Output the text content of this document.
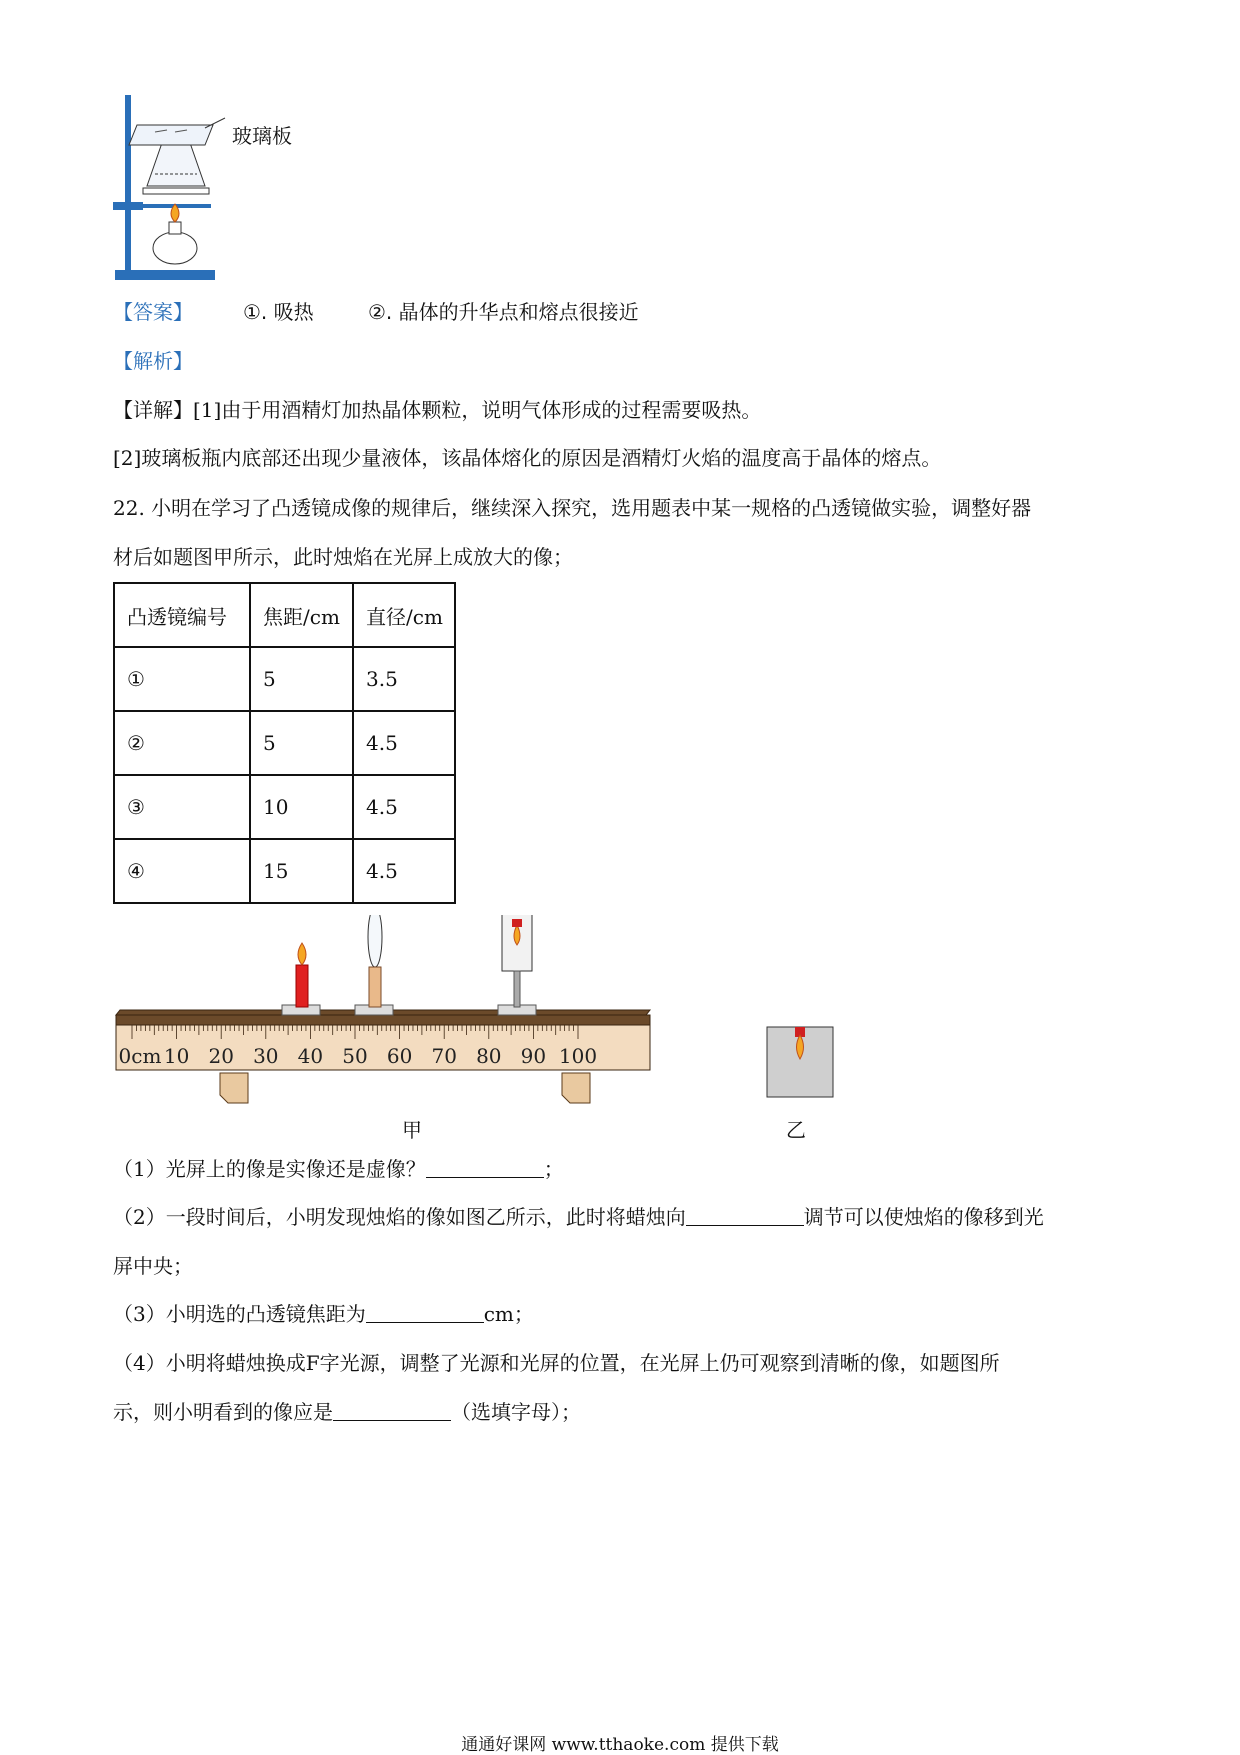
玻璃板
【答案】	①. 吸热	②. 晶体的升华点和熔点很接近
【解析】
【详解】[1]由于用酒精灯加热晶体颗粒，说明气体形成的过程需要吸热。
[2]玻璃板瓶内底部还出现少量液体，该晶体熔化的原因是酒精灯火焰的温度高于晶体的熔点。
22. 小明在学习了凸透镜成像的规律后，继续深入探究，选用题表中某一规格的凸透镜做实验，调整好器
材后如题图甲所示，此时烛焰在光屏上成放大的像；
凸透镜编号	焦距/cm	直径/cm
①	5	3.5
②	5	4.5
③	10	4.5
④	15	4.5
0cm 10 20 30 40 50 60 70 80 90 100
甲	乙
（1）光屏上的像是实像还是虚像？	；
（2）一段时间后，小明发现烛焰的像如图乙所示，此时将蜡烛向	调节可以使烛焰的像移到光
屏中央；
（3）小明选的凸透镜焦距为	cm；
（4）小明将蜡烛换成F字光源，调整了光源和光屏的位置，在光屏上仍可观察到清晰的像，如题图所
示，则小明看到的像应是	（选填字母）；
通通好课网 www.tthaoke.com 提供下载
